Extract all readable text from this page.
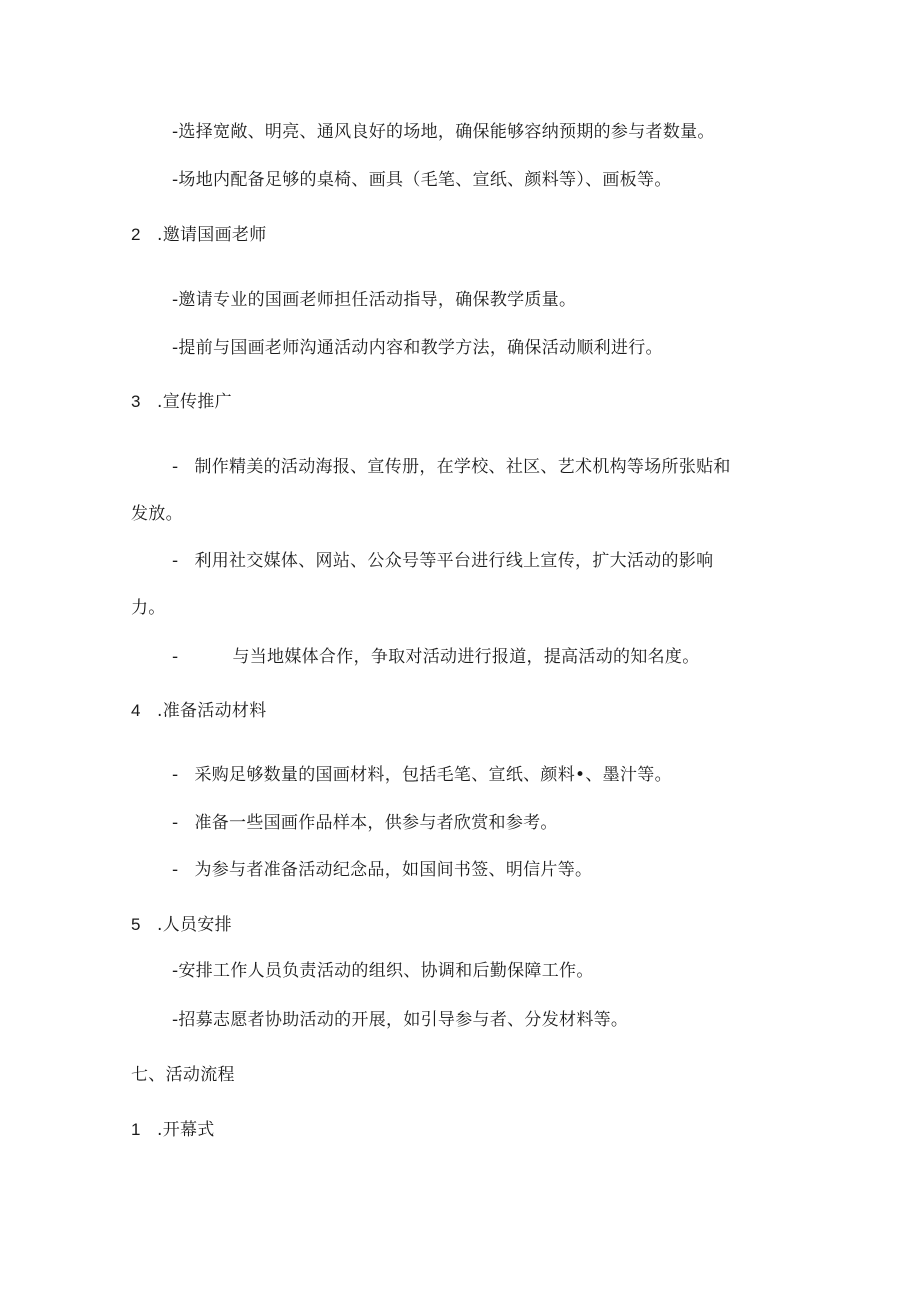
-选择宽敞、明亮、通风良好的场地，确保能够容纳预期的参与者数量。
-场地内配备足够的桌椅、画具（毛笔、宣纸、颜料等）、画板等。
2 .邀请国画老师
-邀请专业的国画老师担任活动指导，确保教学质量。
-提前与国画老师沟通活动内容和教学方法，确保活动顺利进行。
3 .宣传推广
- 制作精美的活动海报、宣传册，在学校、社区、艺术机构等场所张贴和
发放。
- 利用社交媒体、网站、公众号等平台进行线上宣传，扩大活动的影响
力。
-	与当地媒体合作，争取对活动进行报道，提高活动的知名度。
4 .准备活动材料
- 采购足够数量的国画材料，包括毛笔、宣纸、颜料•、墨汁等。
- 准备一些国画作品样本，供参与者欣赏和参考。
- 为参与者准备活动纪念品，如国间书签、明信片等。
5 .人员安排
-安排工作人员负责活动的组织、协调和后勤保障工作。
-招募志愿者协助活动的开展，如引导参与者、分发材料等。
七、活动流程
1 .开幕式
